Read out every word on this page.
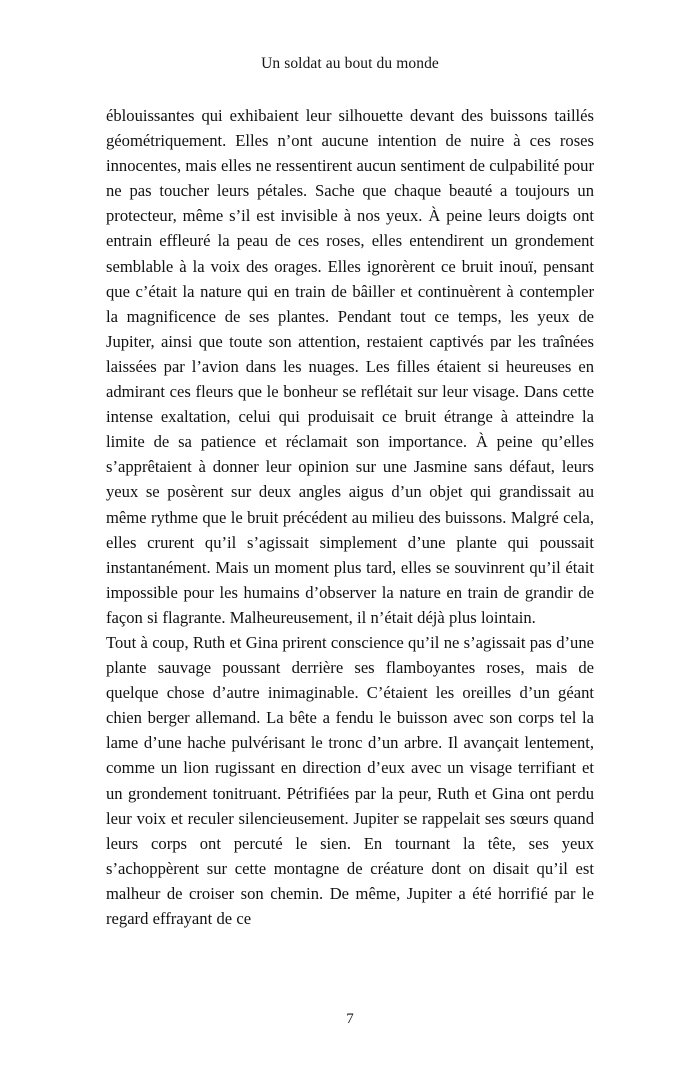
Un soldat au bout du monde

éblouissantes qui exhibaient leur silhouette devant des buissons taillés géométriquement. Elles n’ont aucune intention de nuire à ces roses innocentes, mais elles ne ressentirent aucun sentiment de culpabilité pour ne pas toucher leurs pétales. Sache que chaque beauté a toujours un protecteur, même s’il est invisible à nos yeux. À peine leurs doigts ont entrain effleuré la peau de ces roses, elles entendirent un grondement semblable à la voix des orages. Elles ignorèrent ce bruit inouï, pensant que c’était la nature qui en train de bâiller et continuèrent à contempler la magnificence de ses plantes. Pendant tout ce temps, les yeux de Jupiter, ainsi que toute son attention, restaient captivés par les traînées laissées par l’avion dans les nuages. Les filles étaient si heureuses en admirant ces fleurs que le bonheur se reflétait sur leur visage. Dans cette intense exaltation, celui qui produisait ce bruit étrange à atteindre la limite de sa patience et réclamait son importance. À peine qu’elles s’apprêtaient à donner leur opinion sur une Jasmine sans défaut, leurs yeux se posèrent sur deux angles aigus d’un objet qui grandissait au même rythme que le bruit précédent au milieu des buissons. Malgré cela, elles crurent qu’il s’agissait simplement d’une plante qui poussait instantanément. Mais un moment plus tard, elles se souvinrent qu’il était impossible pour les humains d’observer la nature en train de grandir de façon si flagrante. Malheureusement, il n’était déjà plus lointain.

Tout à coup, Ruth et Gina prirent conscience qu’il ne s’agissait pas d’une plante sauvage poussant derrière ses flamboyantes roses, mais de quelque chose d’autre inimaginable. C’étaient les oreilles d’un géant chien berger allemand. La bête a fendu le buisson avec son corps tel la lame d’une hache pulvérisant le tronc d’un arbre. Il avançait lentement, comme un lion rugissant en direction d’eux avec un visage terrifiant et un grondement tonitruant. Pétrifiées par la peur, Ruth et Gina ont perdu leur voix et reculer silencieusement. Jupiter se rappelait ses sœurs quand leurs corps ont percuté le sien. En tournant la tête, ses yeux s’achoppèrent sur cette montagne de créature dont on disait qu’il est malheur de croiser son chemin. De même, Jupiter a été horrifié par le regard effrayant de ce

7
